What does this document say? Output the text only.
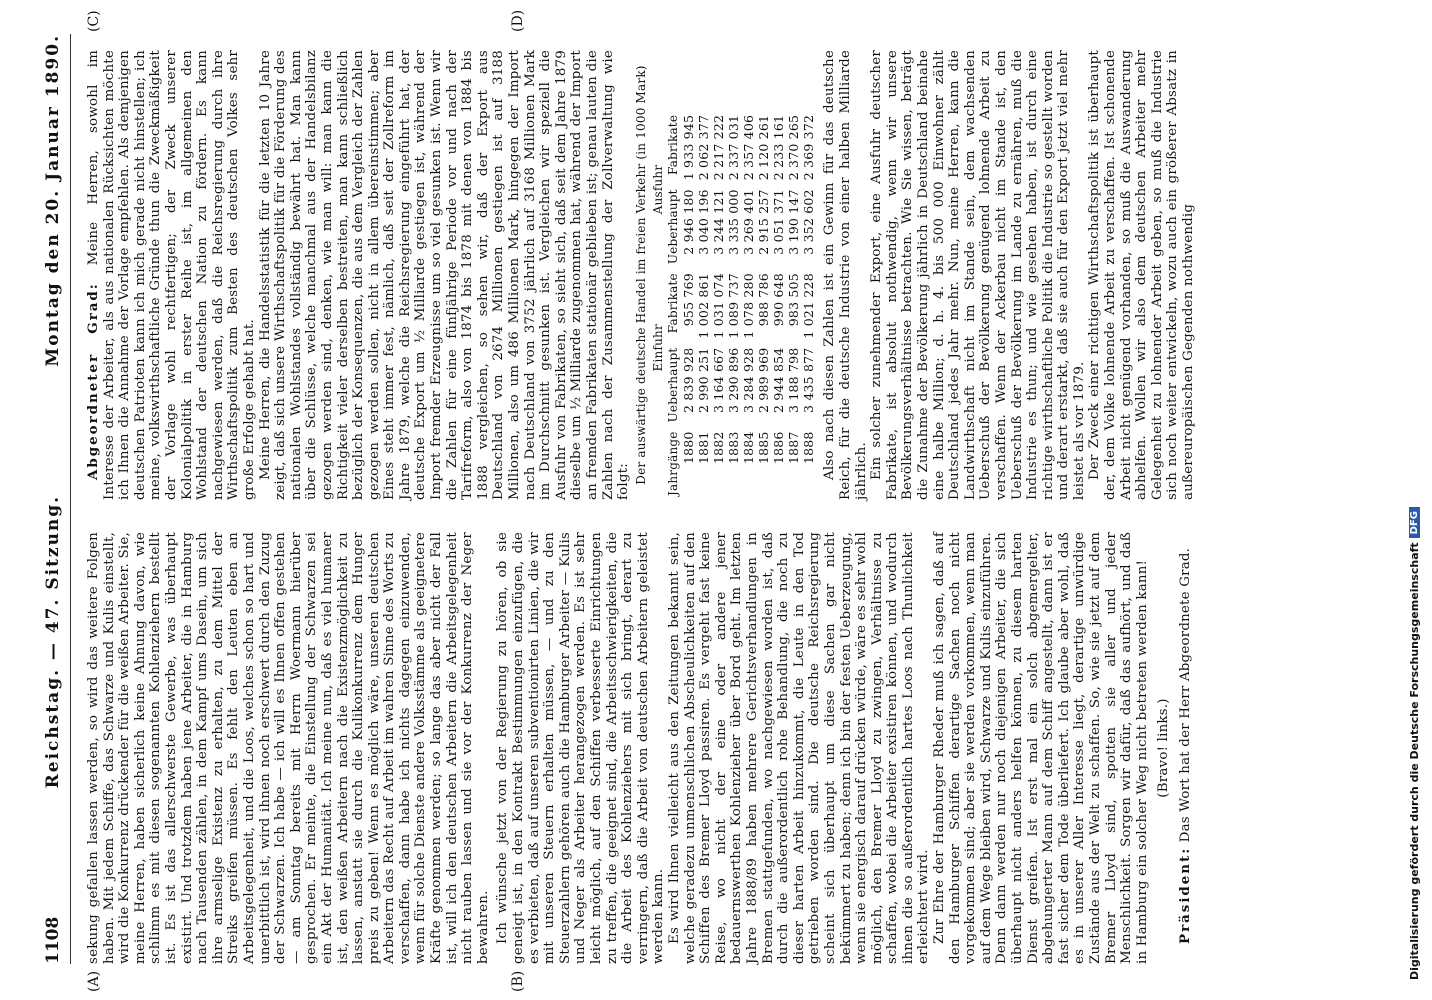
1108
Reichstag. — 47. Sitzung.
Montag den 20. Januar 1890.
(A)	(B)
(C)	(D)

sekung gefallen lassen werden, so wird das weitere Folgen haben. Mit jedem Schiffe, das Schwarze und Kulis einstellt, wird die Konkurrenz drückender für die weißen Arbeiter. Sie, meine Herren, haben sicherlich keine Ahnung davon, wie schlimm es mit diesen sogenannten Kohlenziehern bestellt ist. Es ist das allerschwerste Gewerbe, was überhaupt existirt. Und trotzdem haben jene Arbeiter, die in Hamburg nach Tausenden zählen, in dem Kampf ums Dasein, um sich ihre armselige Existenz zu erhalten, zu dem Mittel der Streiks greifen müssen. Es fehlt den Leuten eben an Arbeitsgelegenheit, und die Loos, welches schon so hart und unerbittlich ist, wird ihnen noch erschwert durch den Zuzug der Schwarzen. Ich habe — ich will es Ihnen offen gestehen — am Sonntag bereits mit Herrn Woermann hierüber gesprochen. Er meinte, die Einstellung der Schwarzen sei ein Akt der Humanität. Ich meine nun, daß es viel humaner ist, den weißen Arbeitern nach die Existenzmöglichkeit zu lassen, anstatt sie durch die Kulikonkurrenz dem Hunger preis zu geben! Wenn es möglich wäre, unseren deutschen Arbeitern das Recht auf Arbeit im wahren Sinne des Worts zu verschaffen, dann habe ich nichts dagegen einzuwenden, wenn für solche Dienste andere Volksstämme als geeignetere Kräfte genommen werden; so lange das aber nicht der Fall ist, will ich den deutschen Arbeitern die Arbeitsgelegenheit nicht rauben lassen und sie vor der Konkurrenz der Neger bewahren. Ich wünsche jetzt von der Regierung zu hören, ob sie geneigt ist, in den Kontrakt Bestimmungen einzufügen, die es verbieten, daß auf unseren subventionirten Linien, die wir mit unseren Steuern erhalten müssen, — und zu den Steuerzahlern gehören auch die Hamburger Arbeiter — Kulis und Neger als Arbeiter herangezogen werden. Es ist sehr leicht möglich, auf den Schiffen verbesserte Einrichtungen zu treffen, die geeignet sind, die Arbeitsschwierigkeiten, die die Arbeit des Kohlenziehers mit sich bringt, derart zu verringern, daß die Arbeit von deutschen Arbeitern geleistet werden kann. Es wird Ihnen vielleicht aus den Zeitungen bekannt sein, welche geradezu unmenschlichen Abscheulichkeiten auf den Schiffen des Bremer Lloyd passiren. Es vergeht fast keine Reise, wo nicht der eine oder andere jener bedauernswerthen Kohlenzieher über Bord geht. Im letzten Jahre 1888/89 haben mehrere Gerichtsverhandlungen in Bremen stattgefunden, wo nachgewiesen worden ist, daß durch die außerordentlich rohe Behandlung, die noch zu dieser harten Arbeit hinzukommt, die Leute in den Tod getrieben worden sind. Die deutsche Reichsregierung scheint sich überhaupt um diese Sachen gar nicht bekümmert zu haben; denn ich bin der festen Ueberzeugung, wenn sie energisch darauf drücken würde, wäre es sehr wohl möglich, den Bremer Lloyd zu zwingen, Verhältnisse zu schaffen, wobei die Arbeiter existiren können, und wodurch ihnen die so außerordentlich hartes Loos nach Thunlichkeit erleichtert wird. Zur Ehre der Hamburger Rheder muß ich sagen, daß auf den Hamburger Schiffen derartige Sachen noch nicht vorgekommen sind; aber sie werden vorkommen, wenn man auf dem Wege bleiben wird, Schwarze und Kulis einzuführen. Denn dann werden nur noch diejenigen Arbeiter, die sich überhaupt nicht anders helfen können, zu diesem harten Dienst greifen. Ist erst mal ein solch abgemergelter, abgehungerter Mann auf dem Schiff angestellt, dann ist er fast sicher dem Tode überliefert. Ich glaube aber wohl, daß es in unserer Aller Interesse liegt, derartige unwürdige Zustände aus der Welt zu schaffen. So, wie sie jetzt auf dem Bremer Lloyd sind, spotten sie aller und jeder Menschlichkeit. Sorgen wir dafür, daß das aufhört, und daß in Hamburg ein solcher Weg nicht betreten werden kann! (Bravo! links.)

Präsident: Das Wort hat der Herr Abgeordnete Grad.

Abgeordneter Grad: Meine Herren, sowohl im Interesse der Arbeiter, als aus nationalen Rücksichten möchte ich Ihnen die Annahme der Vorlage empfehlen. Als demjenigen deutschen Patrioten kann ich mich gerade nicht hinstellen; ich meine, volkswirthschaftliche Gründe thun die Zweckmäßigkeit der Vorlage wohl rechtfertigen; der Zweck unserer Kolonialpolitik in erster Reihe ist, im allgemeinen den Wohlstand der deutschen Nation zu fördern. Es kann nachgewiesen werden, daß die Reichsregierung durch ihre Wirthschaftspolitik zum Besten des deutschen Volkes sehr große Erfolge gehabt hat. Meine Herren, die Handelsstatistik für die letzten 10 Jahre zeigt, daß sich unsere Wirthschaftspolitik für die Förderung des nationalen Wohlstandes vollständig bewährt hat. Man kann über die Schlüsse, welche manchmal aus der Handelsbilanz gezogen werden sind, denken, wie man will: man kann die Richtigkeit vieler derselben bestreiten, man kann schließlich bezüglich der Konsequenzen, die aus dem Vergleich der Zahlen gezogen werden sollen, nicht in allem übereinstimmen; aber Eines steht immer fest, nämlich, daß seit der Zollreform im Jahre 1879, welche die Reichsregierung eingeführt hat, der deutsche Export um ½ Milliarde gestiegen ist, während der Import fremder Erzeugnisse um so viel gesunken ist. Wenn wir die Zahlen für eine fünfjährige Periode vor und nach der Tarifreform, also von 1874 bis 1878 mit denen von 1884 bis 1888 vergleichen, so sehen wir, daß der Export aus Deutschland von 2674 Millionen gestiegen ist auf 3188 Millionen, also um 486 Millionen Mark, hingegen der Import nach Deutschland von 3752 jährlich auf 3168 Millionen Mark im Durchschnitt gesunken ist. Vergleichen wir speziell die Ausfuhr von Fabrikaten, so sieht sich, daß seit dem Jahre 1879 dieselbe um ½ Milliarde zugenommen hat, während der Import an fremden Fabrikaten stationär geblieben ist; genau lauten die Zahlen nach der Zusammenstellung der Zollverwaltung wie folgt: Der auswärtige deutsche Handel im freien Verkehr (in 1000 Mark)

	Einfuhr		Ausfuhr	
Jahrgänge	Ueberhaupt	Fabrikate	Ueberhaupt	Fabrikate
1880	2 839 928	955 769	2 946 180	1 933 945
1881	2 990 251	1 002 861	3 040 196	2 062 377
1882	3 164 667	1 031 074	3 244 121	2 217 222
1883	3 290 896	1 089 737	3 335 000	2 337 031
1884	3 284 928	1 078 280	3 269 401	2 357 406
1885	2 989 969	988 786	2 915 257	2 120 261
1886	2 944 854	990 648	3 051 371	2 233 161
1887	3 188 798	983 505	3 190 147	2 370 265
1888	3 435 877	1 021 228	3 352 602	2 369 372 Also nach diesen Zahlen ist ein Gewinn für das deutsche Reich, für die deutsche Industrie von einer halben Milliarde jährlich. Ein solcher zunehmender Export, eine Ausfuhr deutscher Fabrikate, ist absolut nothwendig, wenn wir unsere Bevölkerungsverhältnisse betrachten. Wie Sie wissen, beträgt die Zunahme der Bevölkerung jährlich in Deutschland beinahe eine halbe Million; d. h. 4. bis 500 000 Einwohner zählt Deutschland jedes Jahr mehr. Nun, meine Herren, kann die Landwirthschaft nicht im Stande sein, dem wachsenden Ueberschuß der Bevölkerung genügend lohnende Arbeit zu verschaffen. Wenn der Ackerbau nicht im Stande ist, den Ueberschuß der Bevölkerung im Lande zu ernähren, muß die Industrie es thun; und wie gesehen haben, ist durch eine richtige wirthschaftliche Politik die Industrie so gestellt worden und derart erstarkt, daß sie auch für den Export jetzt viel mehr leistet als vor 1879. Der Zweck einer richtigen Wirthschaftspolitik ist überhaupt der, dem Volke lohnende Arbeit zu verschaffen. Ist schonende Arbeit nicht genügend vorhanden, so muß die Auswanderung abhelfen. Wollen wir also dem deutschen Arbeiter mehr Gelegenheit zu lohnender Arbeit geben, so muß die Industrie sich noch weiter entwickeln, wozu auch ein größerer Absatz in außereuropäischen Gegenden nothwendig

Digitalisierung gefördert durch die Deutsche Forschungsgemeinschaft
DFG
